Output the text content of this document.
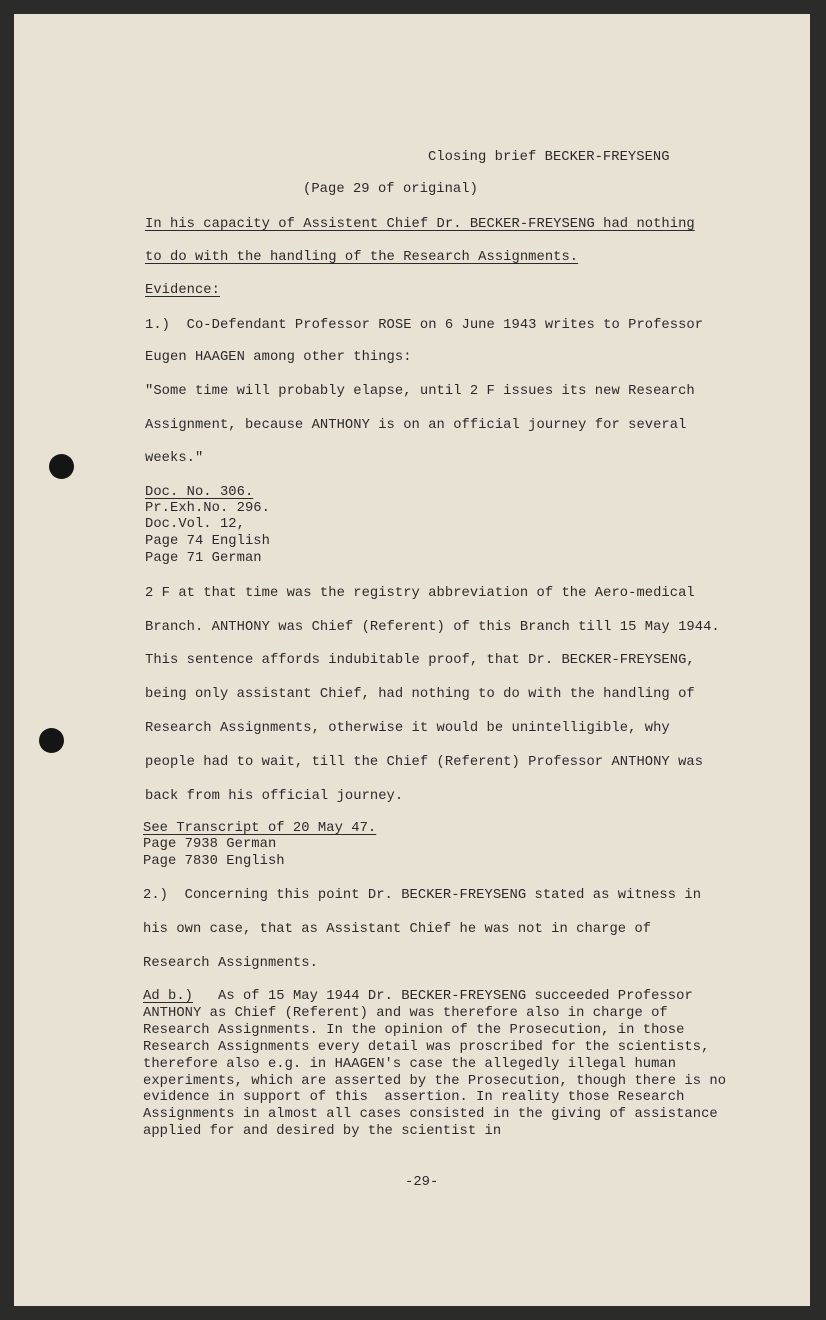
Closing brief BECKER-FREYSENG
(Page 29 of original)
In his capacity of Assistent Chief Dr. BECKER-FREYSENG had nothing
to do with the handling of the Research Assignments.
Evidence:
1.)  Co-Defendant Professor ROSE on 6 June 1943 writes to Professor
Eugen HAAGEN among other things:
"Some time will probably elapse, until 2 F issues its new Research
Assignment, because ANTHONY is on an official journey for several
weeks."
Doc. No. 306.
Pr.Exh.No. 296.
Doc.Vol. 12,
Page 74 English
Page 71 German
2 F at that time was the registry abbreviation of the Aero-medical
Branch. ANTHONY was Chief (Referent) of this Branch till 15 May 1944.
This sentence affords indubitable proof, that Dr. BECKER-FREYSENG,
being only assistant Chief, had nothing to do with the handling of
Research Assignments, otherwise it would be unintelligible, why
people had to wait, till the Chief (Referent) Professor ANTHONY was
back from his official journey.
See Transcript of 20 May 47.
Page 7938 German
Page 7830 English
2.)  Concerning this point Dr. BECKER-FREYSENG stated as witness in
his own case, that as Assistant Chief he was not in charge of
Research Assignments.
Ad b.) As of 15 May 1944 Dr. BECKER-FREYSENG succeeded Professor
ANTHONY as Chief (Referent) and was therefore also in charge of
Research Assignments. In the opinion of the Prosecution, in those
Research Assignments every detail was proscribed for the scientists,
therefore also e.g. in HAAGEN's case the allegedly illegal human
experiments, which are asserted by the Prosecution, though there is no
evidence in support of this  assertion. In reality those Research
Assignments in almost all cases consisted in the giving of assistance
applied for and desired by the scientist in
-29-
